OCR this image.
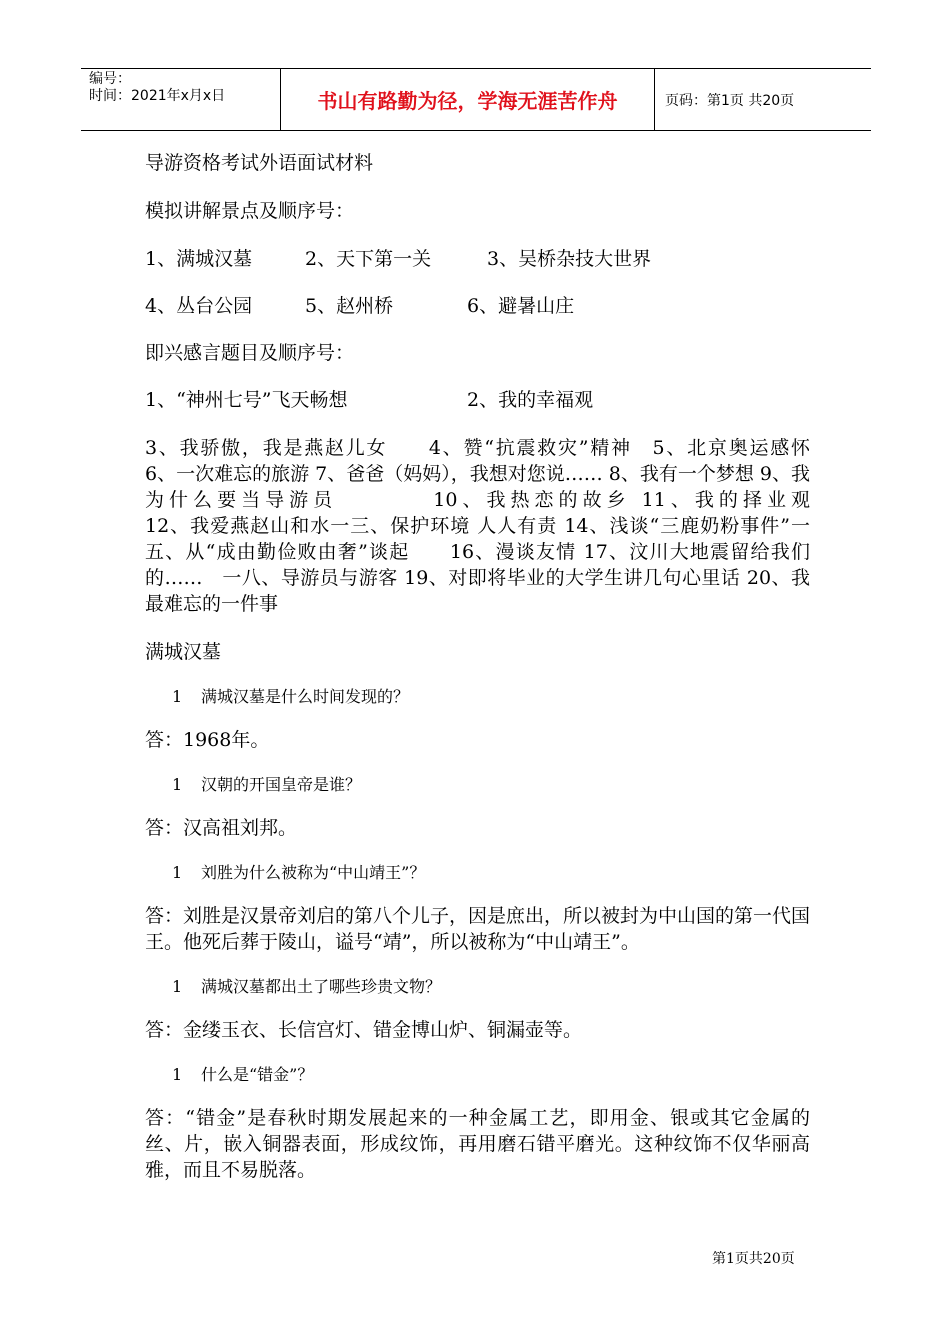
编号：
时间：2021年x月x日	书山有路勤为径，学海无涯苦作舟	页码：第1页 共20页

导游资格考试外语面试材料

模拟讲解景点及顺序号：

1、满城汉墓	2、天下第一关	3、吴桥杂技大世界
4、丛台公园	5、赵州桥	6、避暑山庄

即兴感言题目及顺序号：

1、“神州七号”飞天畅想	2、我的幸福观

3、我骄傲，我是燕赵儿女　　4、赞“抗震救灾”精神　5、北京奥运感怀　　　　6、一次难忘的旅游 7、爸爸（妈妈），我想对您说…… 8、我有一个梦想 9、我为什么要当导游员　　　　10、我热恋的故乡 11、我的择业观　　　　　　　12、我爱燕赵山和水一三、保护环境 人人有责 14、浅谈“三鹿奶粉事件”一五、从“成由勤俭败由奢”谈起　　16、漫谈友情 17、汶川大地震留给我们的……　一八、导游员与游客 19、对即将毕业的大学生讲几句心里话 20、我最难忘的一件事

满城汉墓

1 满城汉墓是什么时间发现的？

答：1968年。

1 汉朝的开国皇帝是谁？

答：汉高祖刘邦。

1 刘胜为什么被称为“中山靖王”？

答：刘胜是汉景帝刘启的第八个儿子，因是庶出，所以被封为中山国的第一代国王。他死后葬于陵山，谥号“靖”，所以被称为“中山靖王”。

1 满城汉墓都出土了哪些珍贵文物？

答：金缕玉衣、长信宫灯、错金博山炉、铜漏壶等。

1 什么是“错金”？

答：“错金”是春秋时期发展起来的一种金属工艺，即用金、银或其它金属的丝、片，嵌入铜器表面，形成纹饰，再用磨石错平磨光。这种纹饰不仅华丽高雅，而且不易脱落。

第1页共20页
